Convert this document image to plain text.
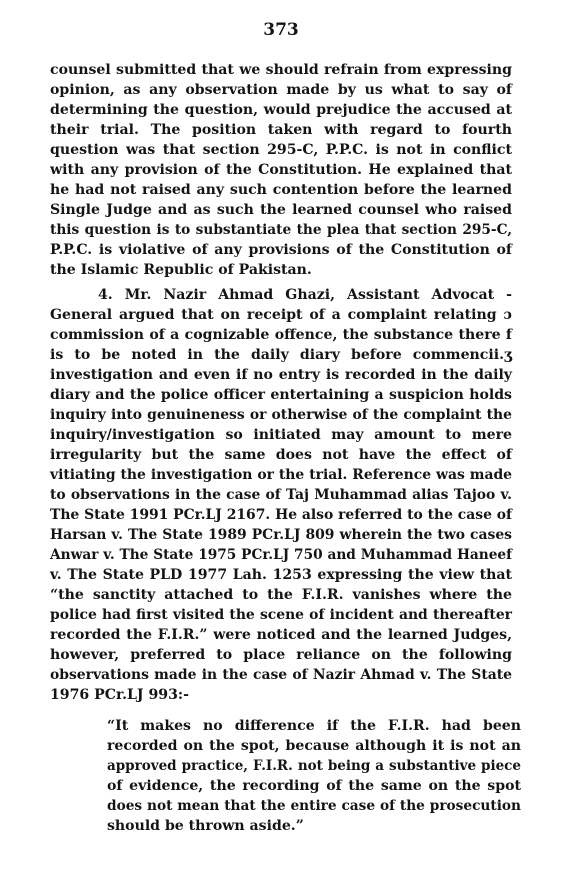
373
counsel submitted that we should refrain from expressing
opinion, as any observation made by us what to say of
determining the question, would prejudice the accused at
their trial. The position taken with regard to fourth
question was that section 295-C, P.P.C. is not in conflict
with any provision of the Constitution. He explained that
he had not raised any such contention before the learned
Single Judge and as such the learned counsel who raised
this question is to substantiate the plea that section 295-C,
P.P.C. is violative of any provisions of the Constitution of
the Islamic Republic of Pakistan.
4. Mr. Nazir Ahmad Ghazi, Assistant Advocat -
General argued that on receipt of a complaint relating ɔ
commission of a cognizable offence, the substance there f
is to be noted in the daily diary before commencii.ʒ
investigation and even if no entry is recorded in the daily
diary and the police officer entertaining a suspicion holds
inquiry into genuineness or otherwise of the complaint the
inquiry/investigation so initiated may amount to mere
irregularity but the same does not have the effect of
vitiating the investigation or the trial. Reference was made
to observations in the case of Taj Muhammad alias Tajoo v.
The State 1991 PCr.LJ 2167. He also referred to the case of
Harsan v. The State 1989 PCr.LJ 809 wherein the two cases
Anwar v. The State 1975 PCr.LJ 750 and Muhammad Haneef
v. The State PLD 1977 Lah. 1253 expressing the view that
“the sanctity attached to the F.I.R. vanishes where the
police had first visited the scene of incident and thereafter
recorded the F.I.R.” were noticed and the learned Judges,
however, preferred to place reliance on the following
observations made in the case of Nazir Ahmad v. The State
1976 PCr.LJ 993:-
“It makes no difference if the F.I.R. had been
recorded on the spot, because although it is not an
approved practice, F.I.R. not being a substantive piece
of evidence, the recording of the same on the spot
does not mean that the entire case of the prosecution
should be thrown aside.”
